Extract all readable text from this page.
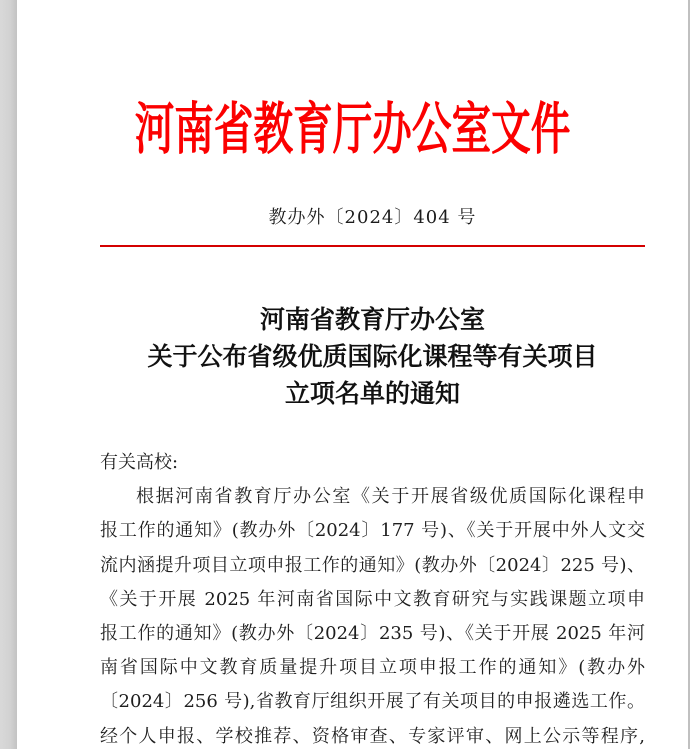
河南省教育厅办公室文件
教办外〔2024〕404 号
河南省教育厅办公室
关于公布省级优质国际化课程等有关项目
立项名单的通知
有关高校:
根据河南省教育厅办公室《关于开展省级优质国际化课程申
报工作的通知》(教办外〔2024〕177 号)、《关于开展中外人文交
流内涵提升项目立项申报工作的通知》(教办外〔2024〕225 号)、
《关于开展 2025 年河南省国际中文教育研究与实践课题立项申
报工作的通知》(教办外〔2024〕235 号)、《关于开展 2025 年河
南省国际中文教育质量提升项目立项申报工作的通知》(教办外
〔2024〕256 号),省教育厅组织开展了有关项目的申报遴选工作。
经个人申报、学校推荐、资格审查、专家评审、网上公示等程序,
